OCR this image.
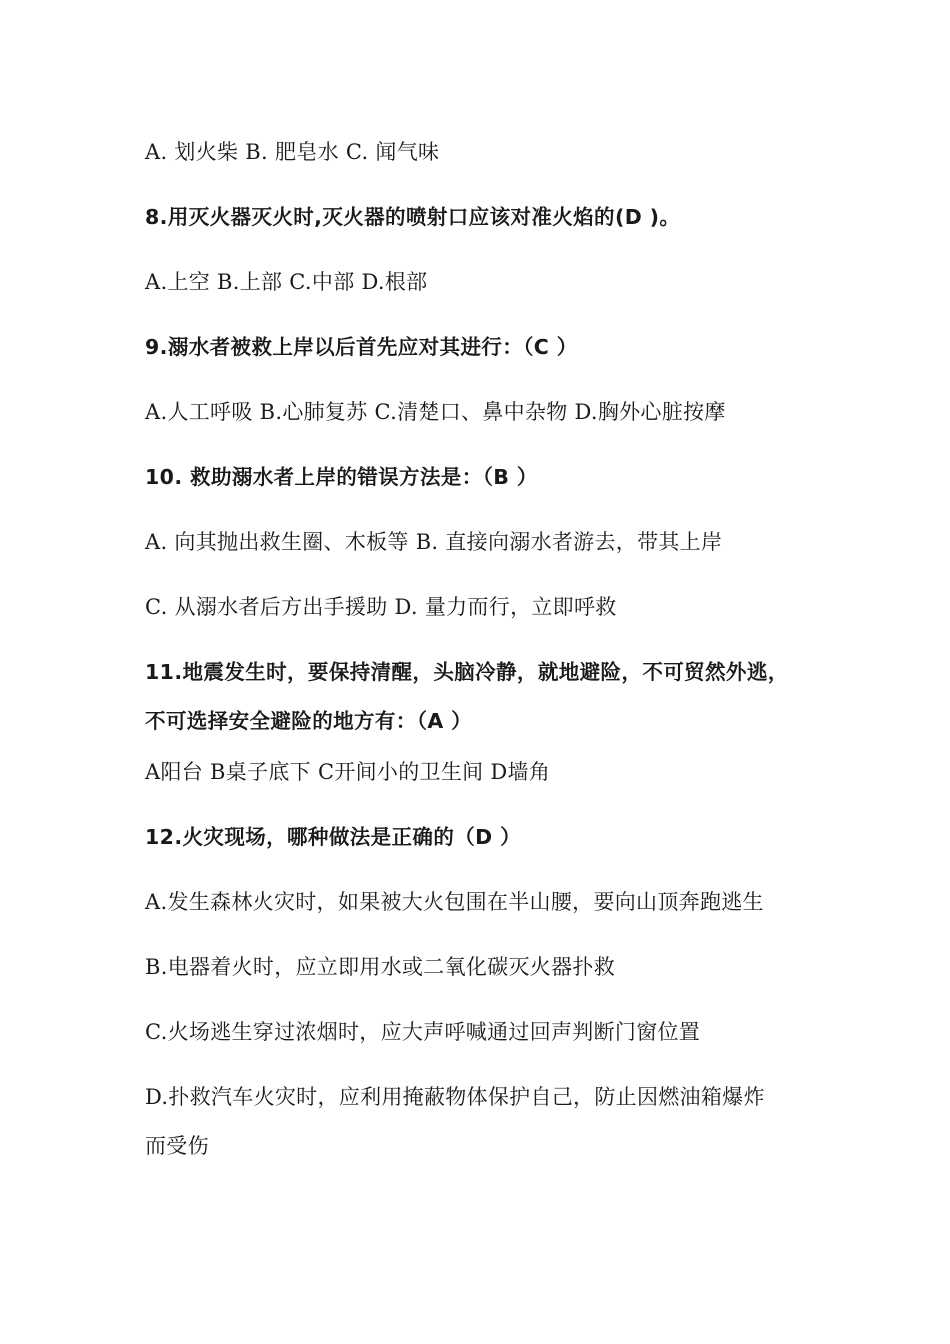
A. 划火柴 B. 肥皂水 C. 闻气味
8.用灭火器灭火时,灭火器的喷射口应该对准火焰的(D )。
A.上空 B.上部 C.中部 D.根部
9.溺水者被救上岸以后首先应对其进行：（C ）
A.人工呼吸 B.心肺复苏 C.清楚口、鼻中杂物 D.胸外心脏按摩
10. 救助溺水者上岸的错误方法是：（B ）
A. 向其抛出救生圈、木板等 B. 直接向溺水者游去，带其上岸
C. 从溺水者后方出手援助 D. 量力而行，立即呼救
11.地震发生时，要保持清醒，头脑冷静，就地避险，不可贸然外逃，
不可选择安全避险的地方有：（A ）
A阳台 B桌子底下 C开间小的卫生间 D墙角
12.火灾现场，哪种做法是正确的（D ）
A.发生森林火灾时，如果被大火包围在半山腰，要向山顶奔跑逃生
B.电器着火时，应立即用水或二氧化碳灭火器扑救
C.火场逃生穿过浓烟时，应大声呼喊通过回声判断门窗位置
D.扑救汽车火灾时，应利用掩蔽物体保护自己，防止因燃油箱爆炸
而受伤
